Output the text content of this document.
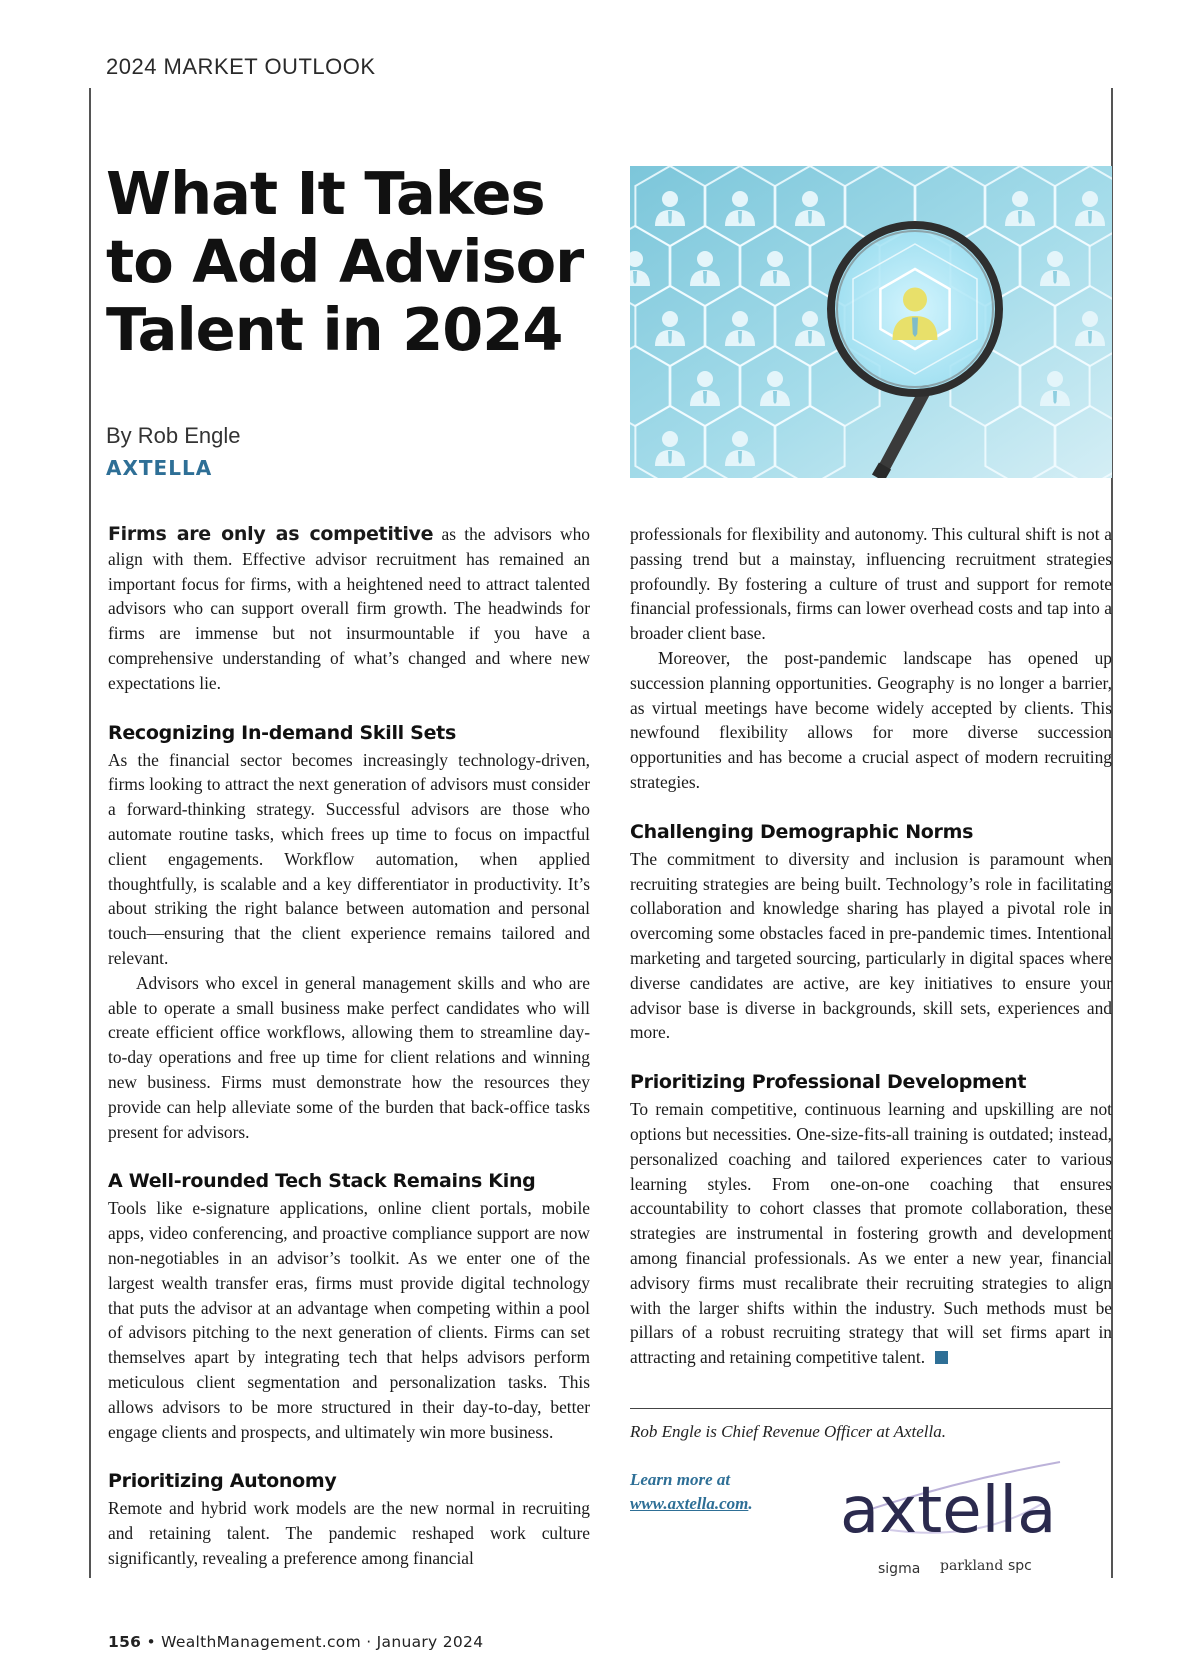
2024 MARKET OUTLOOK
What It Takes to Add Advisor Talent in 2024
By Rob Engle
AXTELLA

Firms are only as competitive as the advisors who align with them. Effective advisor recruitment has remained an important focus for firms, with a heightened need to attract talented advisors who can support overall firm growth. The headwinds for firms are immense but not insurmountable if you have a comprehensive understanding of what’s changed and where new expectations lie.

Recognizing In-demand Skill Sets

As the financial sector becomes increasingly technology-driven, firms looking to attract the next generation of advisors must consider a forward-thinking strategy. Successful advisors are those who automate routine tasks, which frees up time to focus on impactful client engagements. Workflow automation, when applied thoughtfully, is scalable and a key differentiator in productivity. It’s about striking the right balance between automation and personal touch—ensuring that the client experience remains tailored and relevant.

Advisors who excel in general management skills and who are able to operate a small business make perfect candidates who will create efficient office workflows, allowing them to streamline day-to-day operations and free up time for client relations and winning new business. Firms must demonstrate how the resources they provide can help alleviate some of the burden that back-office tasks present for advisors.

A Well-rounded Tech Stack Remains King

Tools like e-signature applications, online client portals, mobile apps, video conferencing, and proactive compliance support are now non-negotiables in an advisor’s toolkit. As we enter one of the largest wealth transfer eras, firms must provide digital technology that puts the advisor at an advantage when competing within a pool of advisors pitching to the next generation of clients. Firms can set themselves apart by integrating tech that helps advisors perform meticulous client segmentation and personalization tasks. This allows advisors to be more structured in their day-to-day, better engage clients and prospects, and ultimately win more business.

Prioritizing Autonomy

Remote and hybrid work models are the new normal in recruiting and retaining talent. The pandemic reshaped work culture significantly, revealing a preference among financial

professionals for flexibility and autonomy. This cultural shift is not a passing trend but a mainstay, influencing recruitment strategies profoundly. By fostering a culture of trust and support for remote financial professionals, firms can lower overhead costs and tap into a broader client base.

Moreover, the post-pandemic landscape has opened up succession planning opportunities. Geography is no longer a barrier, as virtual meetings have become widely accepted by clients. This newfound flexibility allows for more diverse succession opportunities and has become a crucial aspect of modern recruiting strategies.

Challenging Demographic Norms

The commitment to diversity and inclusion is paramount when recruiting strategies are being built. Technology’s role in facilitating collaboration and knowledge sharing has played a pivotal role in overcoming some obstacles faced in pre-pandemic times. Intentional marketing and targeted sourcing, particularly in digital spaces where diverse candidates are active, are key initiatives to ensure your advisor base is diverse in backgrounds, skill sets, experiences and more.

Prioritizing Professional Development

To remain competitive, continuous learning and upskilling are not options but necessities. One-size-fits-all training is outdated; instead, personalized coaching and tailored experiences cater to various learning styles. From one-on-one coaching that ensures accountability to cohort classes that promote collaboration, these strategies are instrumental in fostering growth and development among financial professionals. As we enter a new year, financial advisory firms must recalibrate their recruiting strategies to align with the larger shifts within the industry. Such methods must be pillars of a robust recruiting strategy that will set firms apart in attracting and retaining competitive talent.

Rob Engle is Chief Revenue Officer at Axtella.
Learn more at
www.axtella.com.	axtella
sigma parkland spc
156 • WealthManagement.com · January 2024
